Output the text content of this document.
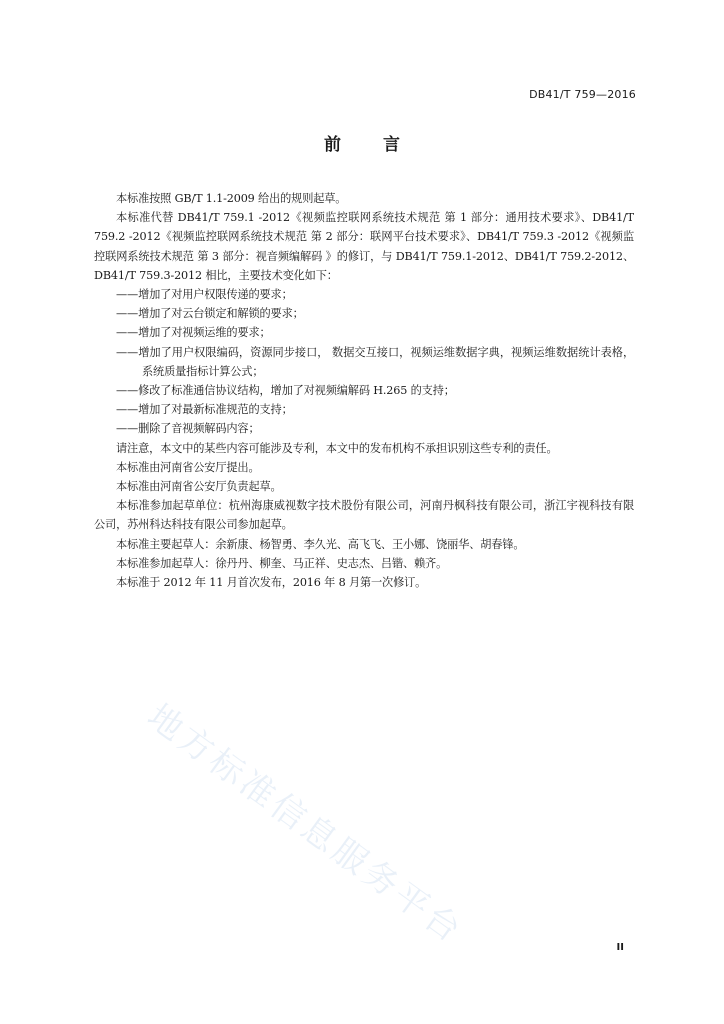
DB41/T 759—2016
前 言

本标准按照 GB/T 1.1-2009 给出的规则起草。

本标准代替 DB41/T 759.1 -2012《视频监控联网系统技术规范 第 1 部分：通用技术要求》、DB41/T 759.2 -2012《视频监控联网系统技术规范 第 2 部分：联网平台技术要求》、DB41/T 759.3 -2012《视频监控联网系统技术规范 第 3 部分：视音频编解码 》的修订，与 DB41/T 759.1-2012、DB41/T 759.2-2012、DB41/T 759.3-2012 相比，主要技术变化如下：

——增加了对用户权限传递的要求；

——增加了对云台锁定和解锁的要求；

——增加了对视频运维的要求；

——增加了用户权限编码，资源同步接口， 数据交互接口，视频运维数据字典，视频运维数据统计表格，系统质量指标计算公式；

——修改了标准通信协议结构，增加了对视频编解码 H.265 的支持；

——增加了对最新标准规范的支持；

——删除了音视频解码内容；

请注意，本文中的某些内容可能涉及专利，本文中的发布机构不承担识别这些专利的责任。

本标准由河南省公安厅提出。

本标准由河南省公安厅负责起草。

本标准参加起草单位：杭州海康威视数字技术股份有限公司，河南丹枫科技有限公司，浙江宇视科技有限公司，苏州科达科技有限公司参加起草。

本标准主要起草人：余新康、杨智勇、李久光、高飞飞、王小娜、饶丽华、胡春锋。

本标准参加起草人：徐丹丹、柳奎、马正祥、史志杰、吕锴、赖齐。

本标准于 2012 年 11 月首次发布，2016 年 8 月第一次修订。

地方标准信息服务平台	II
